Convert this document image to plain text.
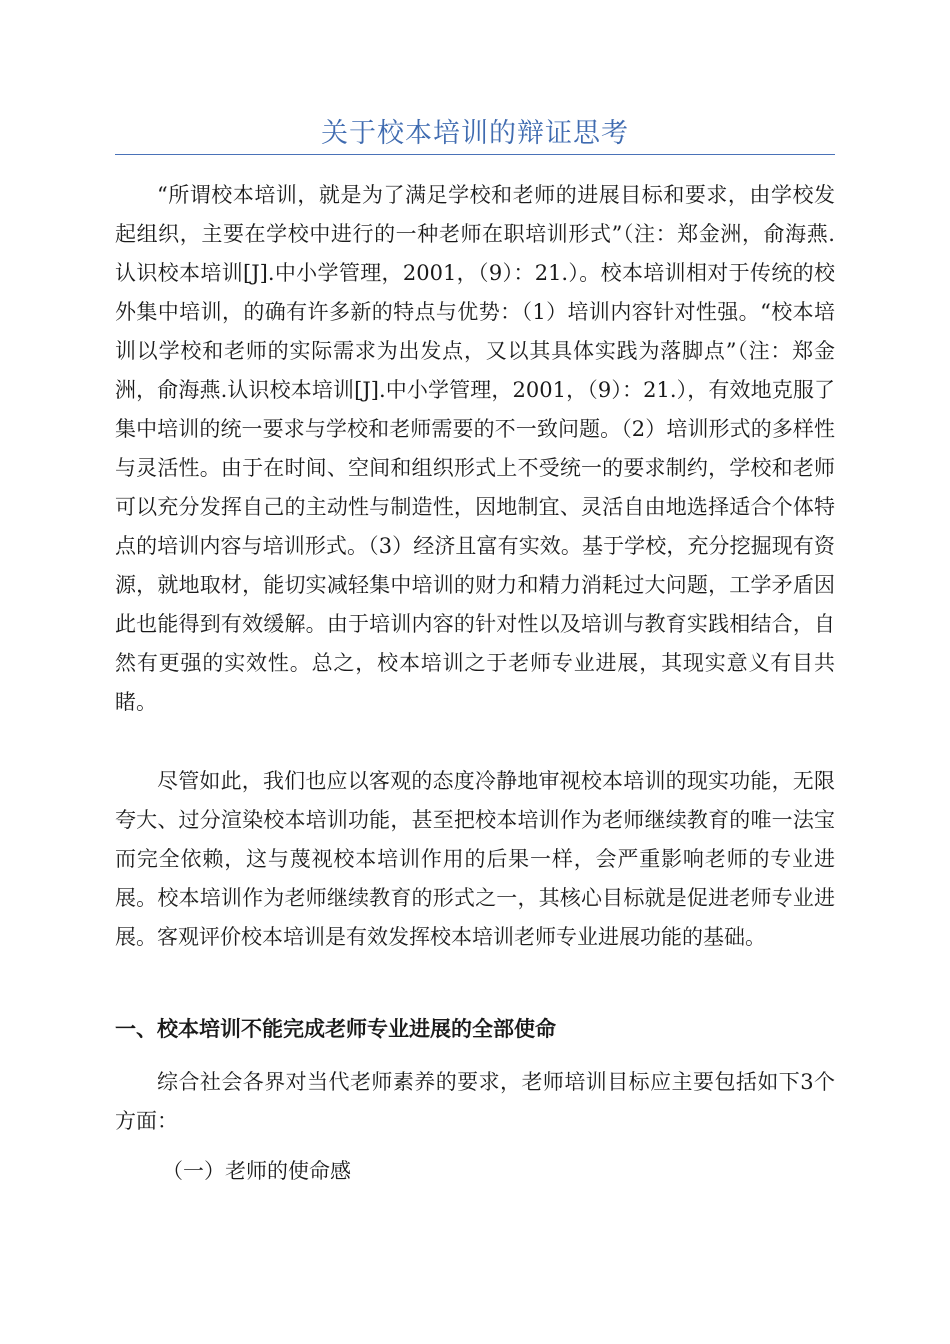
关于校本培训的辩证思考
“所谓校本培训，就是为了满足学校和老师的进展目标和要求，由学校发起组织，主要在学校中进行的一种老师在职培训形式”（注：郑金洲，俞海燕.认识校本培训[J].中小学管理，2001，（9）：21.）。校本培训相对于传统的校外集中培训，的确有许多新的特点与优势：（1）培训内容针对性强。“校本培训以学校和老师的实际需求为出发点，又以其具体实践为落脚点”（注：郑金洲，俞海燕.认识校本培训[J].中小学管理，2001，（9）：21.），有效地克服了集中培训的统一要求与学校和老师需要的不一致问题。（2）培训形式的多样性与灵活性。由于在时间、空间和组织形式上不受统一的要求制约，学校和老师可以充分发挥自己的主动性与制造性，因地制宜、灵活自由地选择适合个体特点的培训内容与培训形式。（3）经济且富有实效。基于学校，充分挖掘现有资源，就地取材，能切实减轻集中培训的财力和精力消耗过大问题，工学矛盾因此也能得到有效缓解。由于培训内容的针对性以及培训与教育实践相结合，自然有更强的实效性。总之，校本培训之于老师专业进展，其现实意义有目共睹。
尽管如此，我们也应以客观的态度冷静地审视校本培训的现实功能，无限夸大、过分渲染校本培训功能，甚至把校本培训作为老师继续教育的唯一法宝而完全依赖，这与蔑视校本培训作用的后果一样，会严重影响老师的专业进展。校本培训作为老师继续教育的形式之一，其核心目标就是促进老师专业进展。客观评价校本培训是有效发挥校本培训老师专业进展功能的基础。
一、校本培训不能完成老师专业进展的全部使命
综合社会各界对当代老师素养的要求，老师培训目标应主要包括如下3个方面：
（一）老师的使命感
